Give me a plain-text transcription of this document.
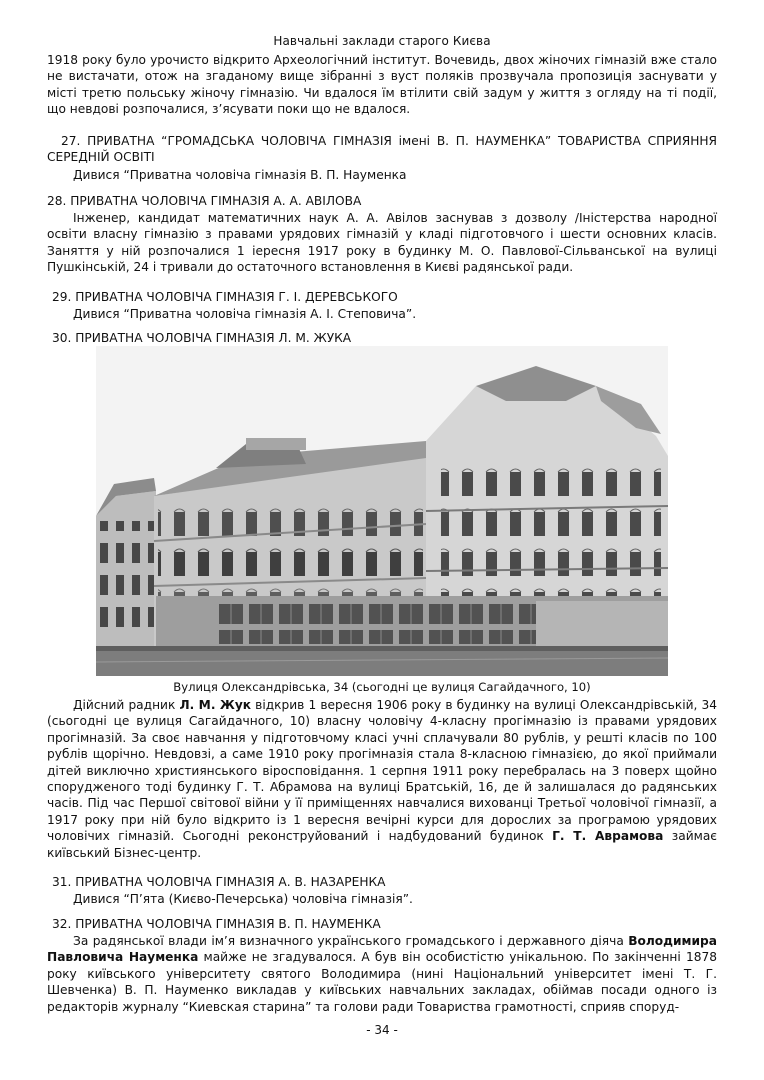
Навчальні заклади старого Києва
1918 року було урочисто відкрито Археологічний інститут. Вочевидь, двох жіночих гімназій вже стало не вистачати, отож на згаданому вище зібранні з вуст поляків прозвучала пропозиція заснувати у місті третю польську жіночу гімназію. Чи вдалося їм втілити свій задум у життя з огляду на ті події, що невдові розпочалися, з’ясувати поки що не вдалося.
27. ПРИВАТНА “ГРОМАДСЬКА ЧОЛОВІЧА ГІМНАЗІЯ імені В. П. НАУМЕНКА” ТОВАРИСТВА СПРИЯННЯ СЕРЕДНІЙ ОСВІТІ
Дивися “Приватна чоловіча гімназія В. П. Науменка
28. ПРИВАТНА ЧОЛОВІЧА ГІМНАЗІЯ А. А. АВІЛОВА
Інженер, кандидат математичних наук А. А. Авілов заснував з дозволу /Іністерства народної освіти власну гімназію з правами урядових гімназій у кладі підготовчого і шести основних класів. Заняття у ній розпочалися 1 іересня 1917 року в будинку М. О. Павлової-Сільванської на вулиці Пушкінській, 24 і тривали до остаточного встановлення в Києві радянської ради.
29. ПРИВАТНА ЧОЛОВІЧА ГІМНАЗІЯ Г. І. ДЕРЕВСЬКОГО
Дивися “Приватна чоловіча гімназія А. І. Степовича”.
30. ПРИВАТНА ЧОЛОВІЧА ГІМНАЗІЯ Л. М. ЖУКА
Вулиця Олександрівська, 34 (сьогодні це вулиця Сагайдачного, 10)
Дійсний радник Л. М. Жук відкрив 1 вересня 1906 року в будинку на вулиці Олександрівській, 34 (сьогодні це вулиця Сагайдачного, 10) власну чоловічу 4-класну прогімназію із правами урядових прогімназій. За своє навчання у підготовчому класі учні сплачували 80 рублів, у решті класів по 100 рублів щорічно. Невдовзі, а саме 1910 року прогімназія стала 8-класною гімназією, до якої приймали дітей виключно християнського віросповідання. 1 серпня 1911 року перебралась на 3 поверх щойно спорудженого тоді будинку Г. Т. Абрамова на вулиці Братській, 16, де й залишалася до радянських часів. Під час Першої світової війни у її приміщеннях навчалися вихованці Третьої чоловічої гімназії, а 1917 року при ній було відкрито із 1 вересня вечірні курси для дорослих за програмою урядових чоловічих гімназій. Сьогодні реконструйований і надбудований будинок Г. Т. Аврамова займає київський Бізнес-центр.
31. ПРИВАТНА ЧОЛОВІЧА ГІМНАЗІЯ А. В. НАЗАРЕНКА
Дивися “П’ята (Києво-Печерська) чоловіча гімназія”.
32. ПРИВАТНА ЧОЛОВІЧА ГІМНАЗІЯ В. П. НАУМЕНКА
За радянської влади ім’я визначного українського громадського і державного діяча Володимира Павловича Науменка майже не згадувалося. А був він особистістю унікальною. По закінченні 1878 року київського університету святого Володимира (нині Національний університет імені Т. Г. Шевченка) В. П. Науменко викладав у київських навчальних закладах, обіймав посади одного із редакторів журналу “Киевская старина” та голови ради Товариства грамотності, сприяв споруд-
- 34 -
